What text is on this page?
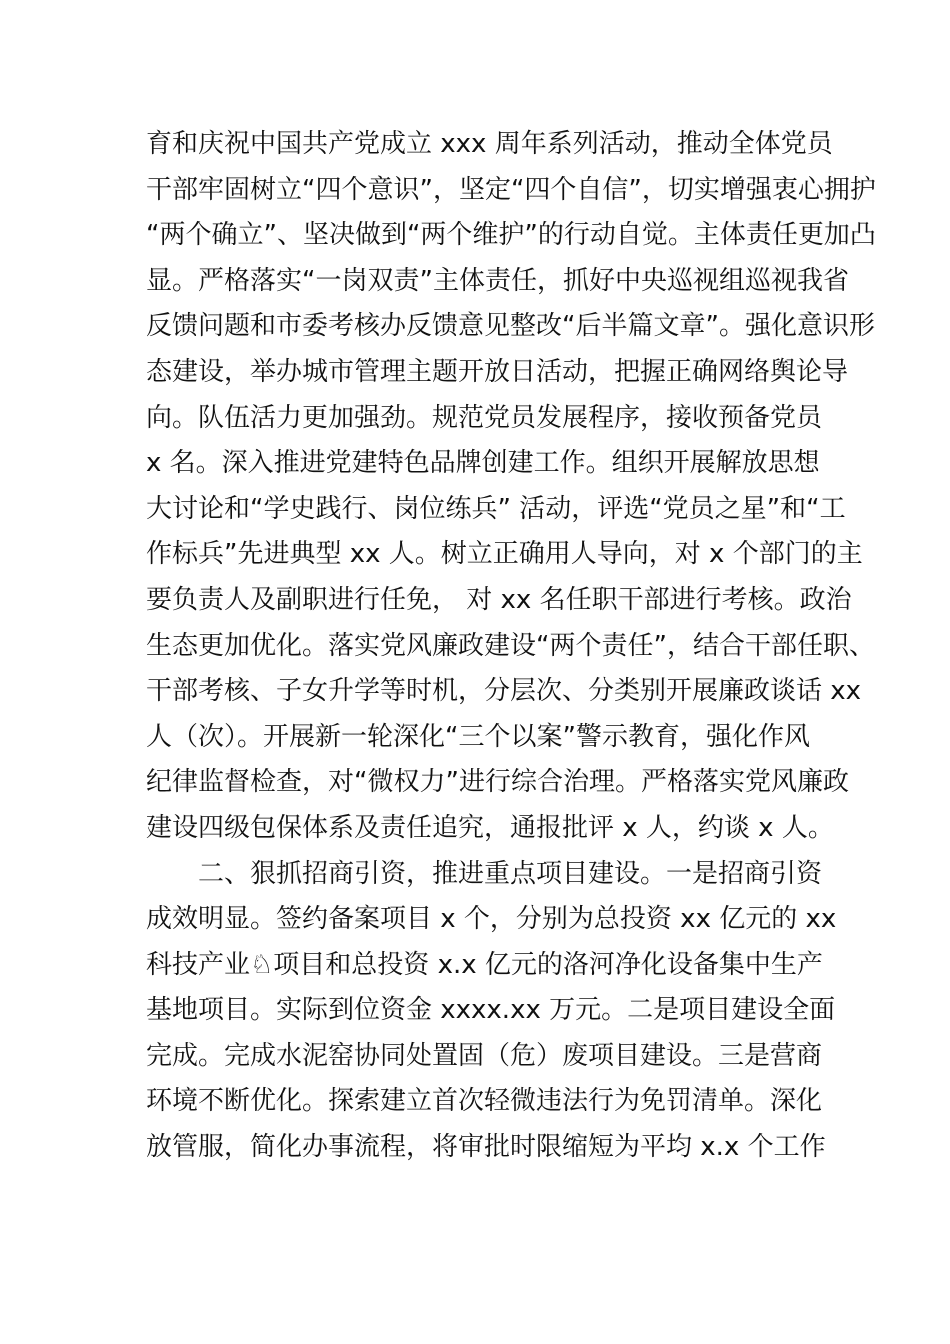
育和庆祝中国共产党成立 xxx 周年系列活动，推动全体党员
干部牢固树立“四个意识”，坚定“四个自信”，切实增强衷心拥护
“两个确立”、坚决做到“两个维护”的行动自觉。主体责任更加凸
显。严格落实“一岗双责”主体责任，抓好中央巡视组巡视我省
反馈问题和市委考核办反馈意见整改“后半篇文章”。强化意识形
态建设，举办城市管理主题开放日活动，把握正确网络舆论导
向。队伍活力更加强劲。规范党员发展程序，接收预备党员
x 名。深入推进党建特色品牌创建工作。组织开展解放思想
大讨论和“学史践行、岗位练兵” 活动，评选“党员之星”和“工
作标兵”先进典型 xx 人。树立正确用人导向，对 x 个部门的主
要负责人及副职进行任免， 对 xx 名任职干部进行考核。政治
生态更加优化。落实党风廉政建设“两个责任”，结合干部任职、
干部考核、子女升学等时机，分层次、分类别开展廉政谈话 xx
人（次）。开展新一轮深化“三个以案”警示教育，强化作风
纪律监督检查，对“微权力”进行综合治理。严格落实党风廉政
建设四级包保体系及责任追究，通报批评 x 人，约谈 x 人。
二、狠抓招商引资，推进重点项目建设。一是招商引资
成效明显。签约备案项目 x 个，分别为总投资 xx 亿元的 xx
科技产业♘项目和总投资 x.x 亿元的洛河净化设备集中生产
基地项目。实际到位资金 xxxx.xx 万元。二是项目建设全面
完成。完成水泥窑协同处置固（危）废项目建设。三是营商
环境不断优化。探索建立首次轻微违法行为免罚清单。深化
放管服，简化办事流程，将审批时限缩短为平均 x.x 个工作
